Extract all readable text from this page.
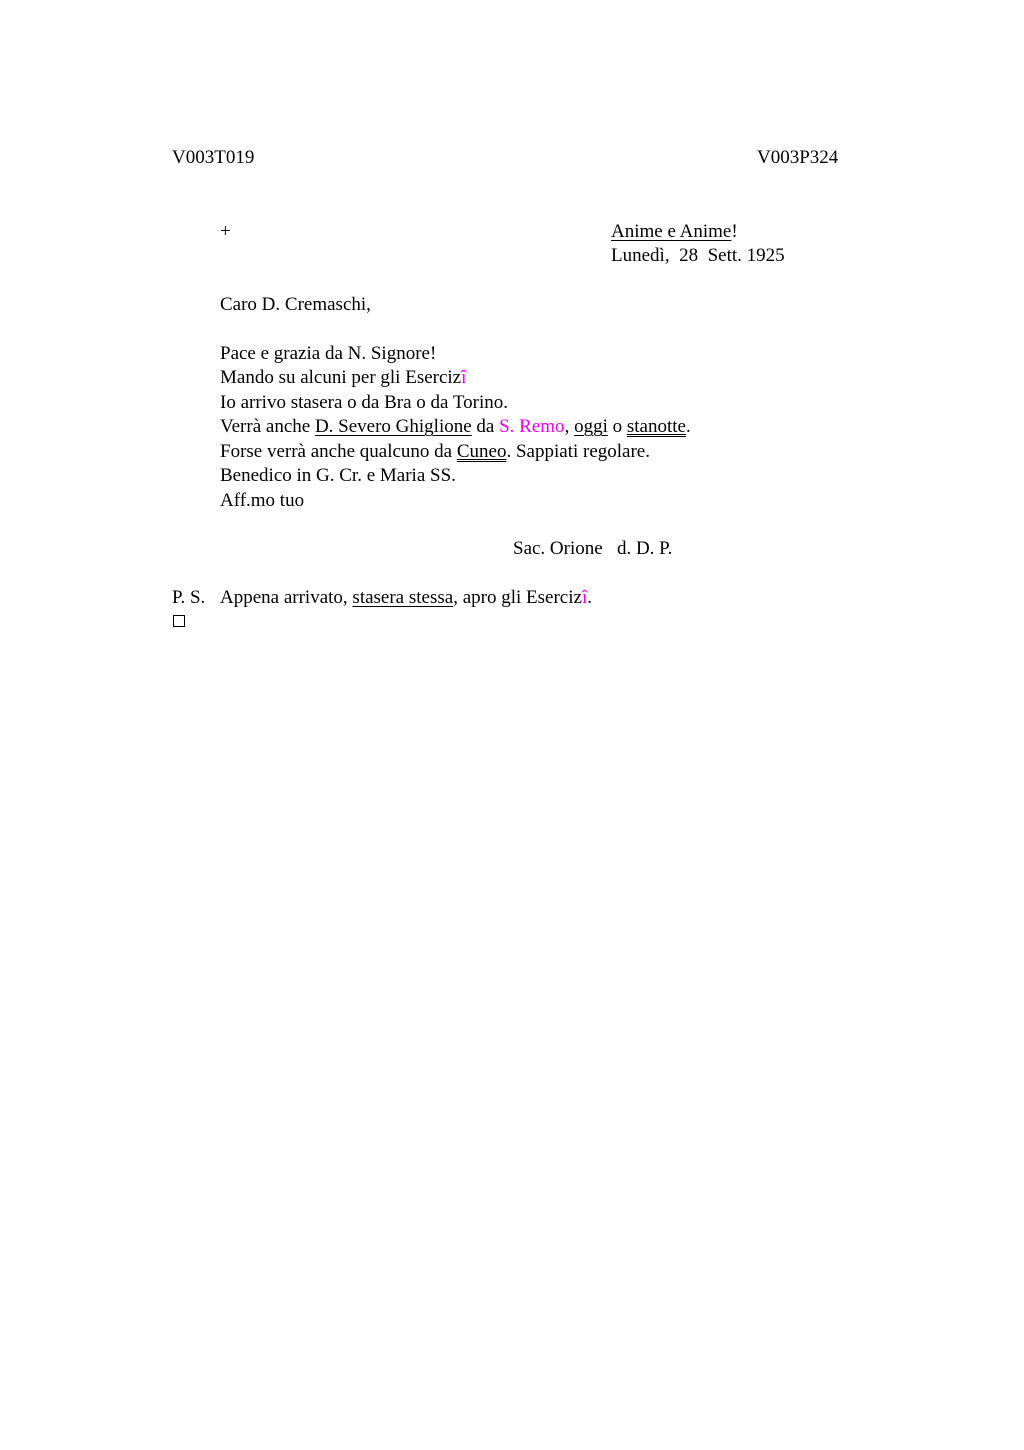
V003T019	V003P324
+	Anime e Anime!
Lunedì,  28  Sett. 1925
Caro D. Cremaschi,
Pace e grazia da N. Signore!
Mando su alcuni per gli Esercizî
Io arrivo stasera o da Bra o da Torino.
Verrà anche D. Severo Ghiglione da S. Remo, oggi o stanotte.
Forse verrà anche qualcuno da Cuneo. Sappiati regolare.
Benedico in G. Cr. e Maria SS.
Aff.mo tuo
Sac. Orione   d. D. P.
P. S. Appena arrivato, stasera stessa, apro gli Esercizî.
